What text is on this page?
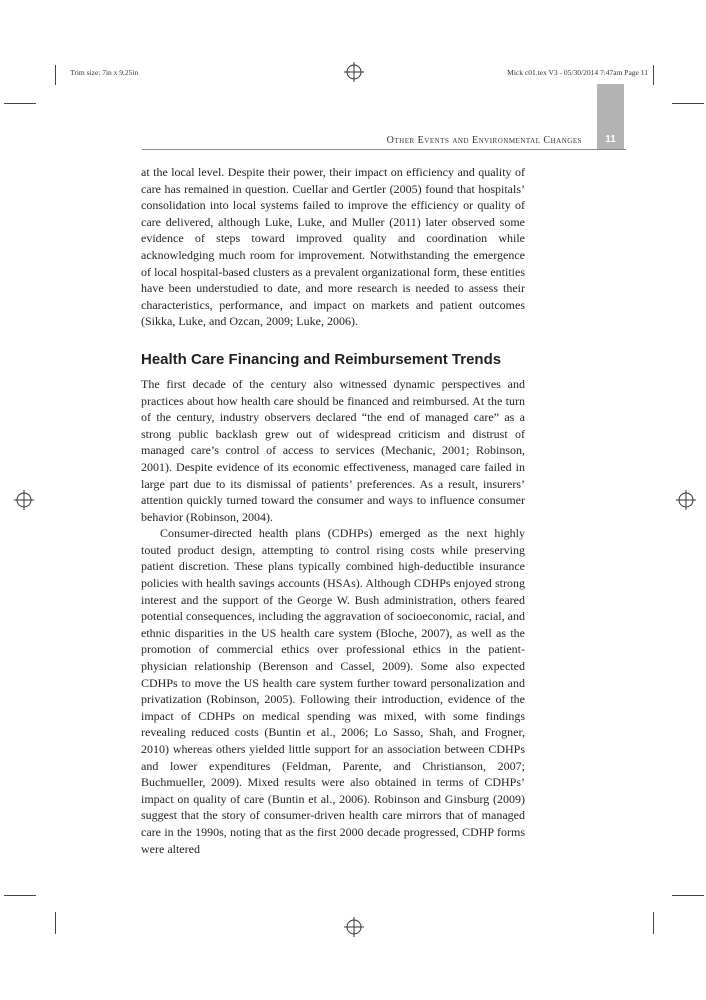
Trim size: 7in x 9.25in	Mick c01.tex V3 - 05/30/2014 7:47am Page 11
11
Other Events and Environmental Changes

at the local level. Despite their power, their impact on efficiency and quality of care has remained in question. Cuellar and Gertler (2005) found that hospitals’ consolidation into local systems failed to improve the efficiency or quality of care delivered, although Luke, Luke, and Muller (2011) later observed some evidence of steps toward improved quality and coordination while acknowledging much room for improvement. Notwithstanding the emergence of local hospital-based clusters as a prevalent organizational form, these entities have been understudied to date, and more research is needed to assess their characteristics, performance, and impact on markets and patient outcomes (Sikka, Luke, and Ozcan, 2009; Luke, 2006).

Health Care Financing and Reimbursement Trends

The first decade of the century also witnessed dynamic perspectives and practices about how health care should be financed and reimbursed. At the turn of the century, industry observers declared “the end of managed care” as a strong public backlash grew out of widespread criticism and distrust of managed care’s control of access to services (Mechanic, 2001; Robinson, 2001). Despite evidence of its economic effectiveness, managed care failed in large part due to its dismissal of patients’ preferences. As a result, insurers’ attention quickly turned toward the consumer and ways to influence consumer behavior (Robinson, 2004).

Consumer-directed health plans (CDHPs) emerged as the next highly touted product design, attempting to control rising costs while preserving patient discretion. These plans typically combined high-deductible insurance policies with health savings accounts (HSAs). Although CDHPs enjoyed strong interest and the support of the George W. Bush administration, others feared potential consequences, including the aggravation of socioeconomic, racial, and ethnic disparities in the US health care system (Bloche, 2007), as well as the promotion of commercial ethics over professional ethics in the patient-physician relationship (Berenson and Cassel, 2009). Some also expected CDHPs to move the US health care system further toward personalization and privatization (Robinson, 2005). Following their introduction, evidence of the impact of CDHPs on medical spending was mixed, with some findings revealing reduced costs (Buntin et al., 2006; Lo Sasso, Shah, and Frogner, 2010) whereas others yielded little support for an association between CDHPs and lower expenditures (Feldman, Parente, and Christianson, 2007; Buchmueller, 2009). Mixed results were also obtained in terms of CDHPs’ impact on quality of care (Buntin et al., 2006). Robinson and Ginsburg (2009) suggest that the story of consumer-driven health care mirrors that of managed care in the 1990s, noting that as the first 2000 decade progressed, CDHP forms were altered
